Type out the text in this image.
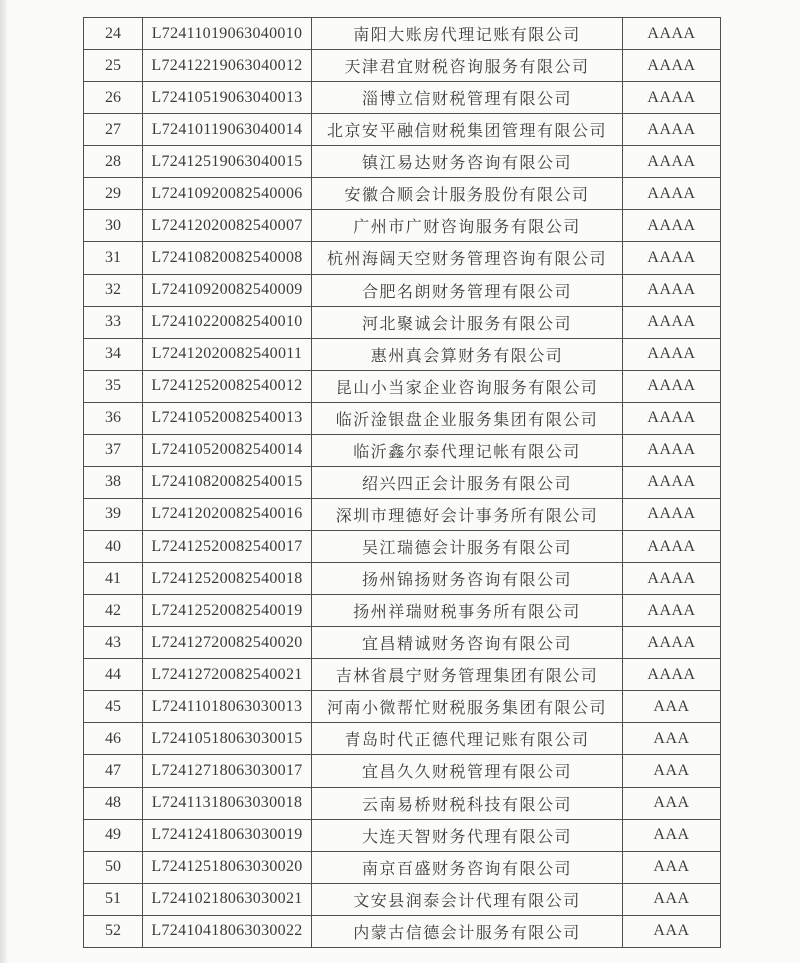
24	L72411019063040010	南阳大账房代理记账有限公司	AAAA
25	L72412219063040012	天津君宜财税咨询服务有限公司	AAAA
26	L72410519063040013	淄博立信财税管理有限公司	AAAA
27	L72410119063040014	北京安平融信财税集团管理有限公司	AAAA
28	L72412519063040015	镇江易达财务咨询有限公司	AAAA
29	L72410920082540006	安徽合顺会计服务股份有限公司	AAAA
30	L72412020082540007	广州市广财咨询服务有限公司	AAAA
31	L72410820082540008	杭州海阔天空财务管理咨询有限公司	AAAA
32	L72410920082540009	合肥名朗财务管理有限公司	AAAA
33	L72410220082540010	河北聚诚会计服务有限公司	AAAA
34	L72412020082540011	惠州真会算财务有限公司	AAAA
35	L72412520082540012	昆山小当家企业咨询服务有限公司	AAAA
36	L72410520082540013	临沂淦银盘企业服务集团有限公司	AAAA
37	L72410520082540014	临沂鑫尔泰代理记帐有限公司	AAAA
38	L72410820082540015	绍兴四正会计服务有限公司	AAAA
39	L72412020082540016	深圳市理德好会计事务所有限公司	AAAA
40	L72412520082540017	吴江瑞德会计服务有限公司	AAAA
41	L72412520082540018	扬州锦扬财务咨询有限公司	AAAA
42	L72412520082540019	扬州祥瑞财税事务所有限公司	AAAA
43	L72412720082540020	宜昌精诚财务咨询有限公司	AAAA
44	L72412720082540021	吉林省晨宁财务管理集团有限公司	AAAA
45	L72411018063030013	河南小微帮忙财税服务集团有限公司	AAA
46	L72410518063030015	青岛时代正德代理记账有限公司	AAA
47	L72412718063030017	宜昌久久财税管理有限公司	AAA
48	L72411318063030018	云南易桥财税科技有限公司	AAA
49	L72412418063030019	大连天智财务代理有限公司	AAA
50	L72412518063030020	南京百盛财务咨询有限公司	AAA
51	L72410218063030021	文安县润泰会计代理有限公司	AAA
52	L72410418063030022	内蒙古信德会计服务有限公司	AAA
